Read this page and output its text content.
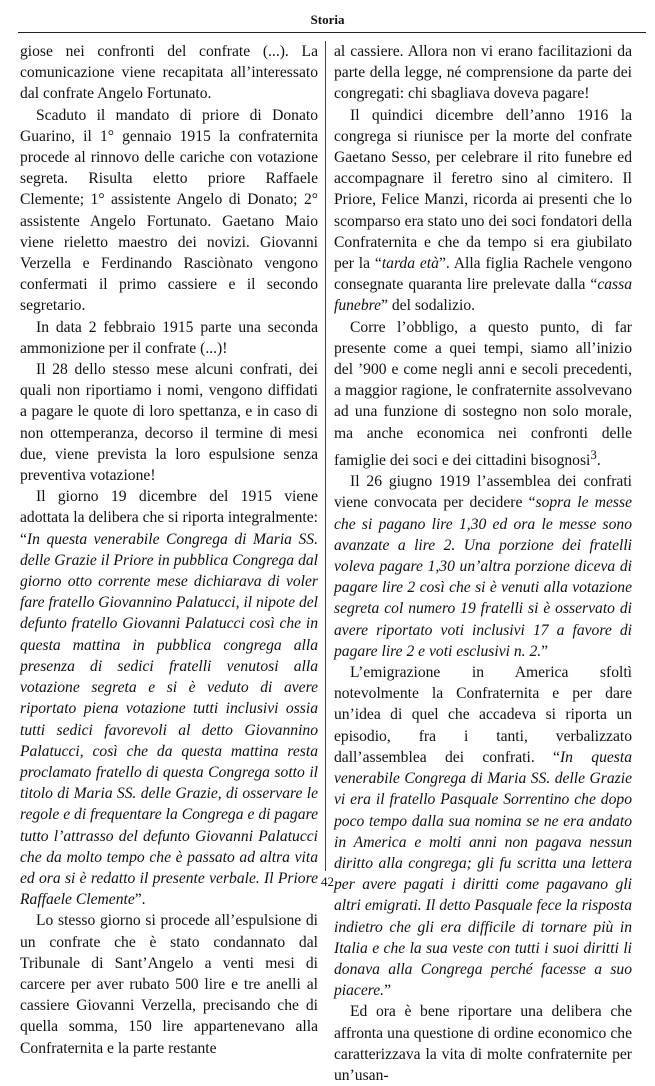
Storia

giose nei confronti del confrate (...). La comunicazione viene recapitata all’interessato dal confrate Angelo Fortunato.

Scaduto il mandato di priore di Donato Guarino, il 1° gennaio 1915 la confraternita procede al rinnovo delle cariche con votazione segreta. Risulta eletto priore Raffaele Clemente; 1° assistente Angelo di Donato; 2° assistente Angelo Fortunato. Gaetano Maio viene rieletto maestro dei novizi. Giovanni Verzella e Ferdinando Rasciònato vengono confermati il primo cassiere e il secondo segretario.

In data 2 febbraio 1915 parte una seconda ammonizione per il confrate (...)!

Il 28 dello stesso mese alcuni confrati, dei quali non riportiamo i nomi, vengono diffidati a pagare le quote di loro spettanza, e in caso di non ottemperanza, decorso il termine di mesi due, viene prevista la loro espulsione senza preventiva votazione!

Il giorno 19 dicembre del 1915 viene adottata la delibera che si riporta integralmente: “In questa venerabile Congrega di Maria SS. delle Grazie il Priore in pubblica Congrega dal giorno otto corrente mese dichiarava di voler fare fratello Giovannino Palatucci, il nipote del defunto fratello Giovanni Palatucci così che in questa mattina in pubblica congrega alla presenza di sedici fratelli venutosi alla votazione segreta e si è veduto di avere riportato piena votazione tutti inclusivi ossia tutti sedici favorevoli al detto Giovannino Palatucci, così che da questa mattina resta proclamato fratello di questa Congrega sotto il titolo di Maria SS. delle Grazie, di osservare le regole e di frequentare la Congrega e di pagare tutto l’attrasso del defunto Giovanni Palatucci che da molto tempo che è passato ad altra vita ed ora si è redatto il presente verbale. Il Priore Raffaele Clemente”.

Lo stesso giorno si procede all’espulsione di un confrate che è stato condannato dal Tribunale di Sant’Angelo a venti mesi di carcere per aver rubato 500 lire e tre anelli al cassiere Giovanni Verzella, precisando che di quella somma, 150 lire appartenevano alla Confraternita e la parte restante

al cassiere. Allora non vi erano facilitazioni da parte della legge, né comprensione da parte dei congregati: chi sbagliava doveva pagare!

Il quindici dicembre dell’anno 1916 la congrega si riunisce per la morte del confrate Gaetano Sesso, per celebrare il rito funebre ed accompagnare il feretro sino al cimitero. Il Priore, Felice Manzi, ricorda ai presenti che lo scomparso era stato uno dei soci fondatori della Confraternita e che da tempo si era giubilato per la “tarda età”. Alla figlia Rachele vengono consegnate quaranta lire prelevate dalla “cassa funebre” del sodalizio.

Corre l’obbligo, a questo punto, di far presente come a quei tempi, siamo all’inizio del ’900 e come negli anni e secoli precedenti, a maggior ragione, le confraternite assolvevano ad una funzione di sostegno non solo morale, ma anche economica nei confronti delle famiglie dei soci e dei cittadini bisognosi$^3$.

Il 26 giugno 1919 l’assemblea dei confrati viene convocata per decidere “sopra le messe che si pagano lire 1,30 ed ora le messe sono avanzate a lire 2. Una porzione dei fratelli voleva pagare 1,30 un’altra porzione diceva di pagare lire 2 così che si è venuti alla votazione segreta col numero 19 fratelli si è osservato di avere riportato voti inclusivi 17 a favore di pagare lire 2 e voti esclusivi n. 2.”

L’emigrazione in America sfoltì notevolmente la Confraternita e per dare un’idea di quel che accadeva si riporta un episodio, fra i tanti, verbalizzato dall’assemblea dei confrati. “In questa venerabile Congrega di Maria SS. delle Grazie vi era il fratello Pasquale Sorrentino che dopo poco tempo dalla sua nomina se ne era andato in America e molti anni non pagava nessun diritto alla congrega; gli fu scritta una lettera per avere pagati i diritti come pagavano gli altri emigrati. Il detto Pasquale fece la risposta indietro che gli era difficile di tornare più in Italia e che la sua veste con tutti i suoi diritti li donava alla Congrega perché facesse a suo piacere.”

Ed ora è bene riportare una delibera che affronta una questione di ordine economico che caratterizzava la vita di molte confraternite per un’usan-

42
